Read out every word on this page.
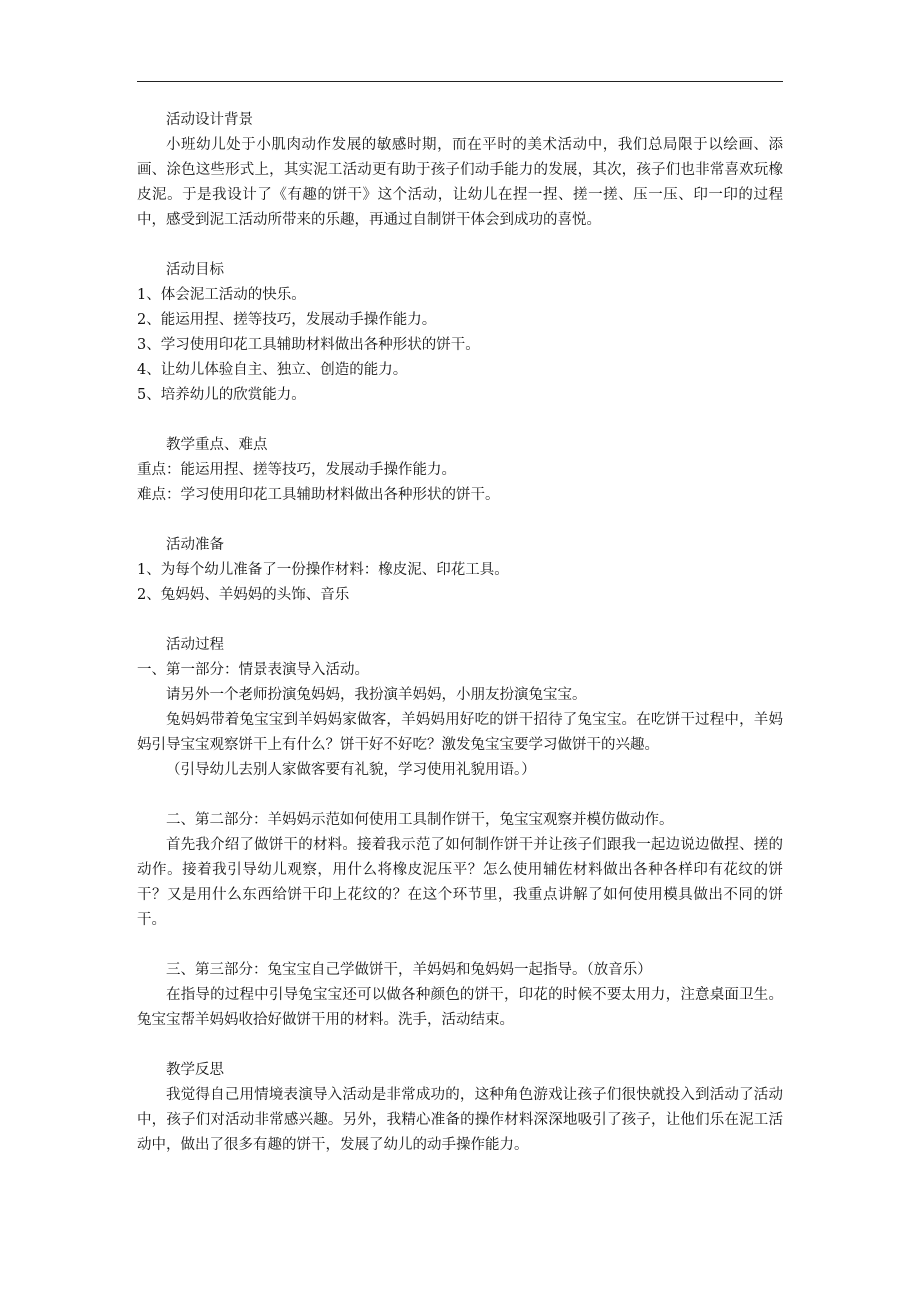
活动设计背景

小班幼儿处于小肌肉动作发展的敏感时期，而在平时的美术活动中，我们总局限于以绘画、添画、涂色这些形式上，其实泥工活动更有助于孩子们动手能力的发展，其次，孩子们也非常喜欢玩橡皮泥。于是我设计了《有趣的饼干》这个活动，让幼儿在捏一捏、搓一搓、压一压、印一印的过程中，感受到泥工活动所带来的乐趣，再通过自制饼干体会到成功的喜悦。

活动目标

1、体会泥工活动的快乐。

2、能运用捏、搓等技巧，发展动手操作能力。

3、学习使用印花工具辅助材料做出各种形状的饼干。

4、让幼儿体验自主、独立、创造的能力。

5、培养幼儿的欣赏能力。

教学重点、难点

重点：能运用捏、搓等技巧，发展动手操作能力。

难点：学习使用印花工具辅助材料做出各种形状的饼干。

活动准备

1、为每个幼儿准备了一份操作材料：橡皮泥、印花工具。

2、兔妈妈、羊妈妈的头饰、音乐

活动过程

一、第一部分：情景表演导入活动。

请另外一个老师扮演兔妈妈，我扮演羊妈妈，小朋友扮演兔宝宝。

兔妈妈带着兔宝宝到羊妈妈家做客，羊妈妈用好吃的饼干招待了兔宝宝。在吃饼干过程中，羊妈妈引导宝宝观察饼干上有什么？饼干好不好吃？激发兔宝宝要学习做饼干的兴趣。

（引导幼儿去别人家做客要有礼貌，学习使用礼貌用语。）

二、第二部分：羊妈妈示范如何使用工具制作饼干，兔宝宝观察并模仿做动作。

首先我介绍了做饼干的材料。接着我示范了如何制作饼干并让孩子们跟我一起边说边做捏、搓的动作。接着我引导幼儿观察，用什么将橡皮泥压平？怎么使用辅佐材料做出各种各样印有花纹的饼干？又是用什么东西给饼干印上花纹的？在这个环节里，我重点讲解了如何使用模具做出不同的饼干。

三、第三部分：兔宝宝自己学做饼干，羊妈妈和兔妈妈一起指导。（放音乐）

在指导的过程中引导兔宝宝还可以做各种颜色的饼干，印花的时候不要太用力，注意桌面卫生。兔宝宝帮羊妈妈收拾好做饼干用的材料。洗手，活动结束。

教学反思

我觉得自己用情境表演导入活动是非常成功的，这种角色游戏让孩子们很快就投入到活动了活动中，孩子们对活动非常感兴趣。另外，我精心准备的操作材料深深地吸引了孩子，让他们乐在泥工活动中，做出了很多有趣的饼干，发展了幼儿的动手操作能力。
